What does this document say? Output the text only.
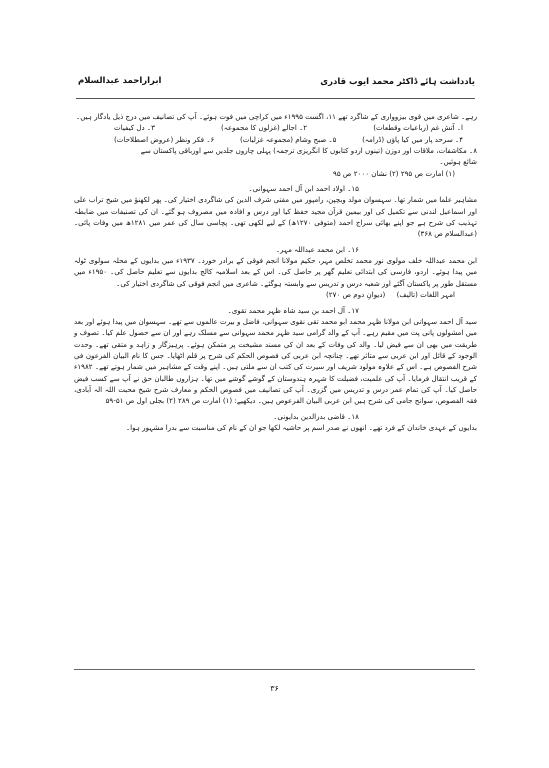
یادداشت ہائے ڈاکٹر محمد ایوب قادری
ابراراحمد عبدالسلام

رہے۔ شاعری میں قوی بیزوواری کے شاگرد تھے ۱۱، اگست ۱۹۹۵ء میں کراچی میں فوت ہوئے۔ آپ کی تصانیف میں درج ذیل یادگار ہیں۔

ا۔ آتش غم (رباعیات وقطعات)
۲۔ اجالے (غزلوں کا مجموعہ)
۳۔ دل کیفیات

۴۔ سرحد پار میں کیا پاؤں (ڈرامہ)
۵۔ صبح وشام (مجموعہ غزلیات)
۶۔ فکر ونظر (عروض اصطلاحات)

۸۔ مکاشفات، ملاقات اور دوزن (تینوں اردو کتابوں کا انگریزی ترجمہ) پہلی چاروں جلدیں سے اورباقی پاکستان سے

شائع ہوئیں۔

(۱) امارت ص ۲۹۵ (۲) نشان ۲۰۰۰ ص ۹۵

۱۵۔ اولاد احمد ابن آل احمد سہوانی۔

مشاہیر علما میں شمار تھا۔ سہسوان مولد وبچپن، رامپور میں مفتی شرف الدین کی شاگردی اختیار کی۔ پھر لکھنؤ میں شیخ تراب علی اور اسماعیل لندنی سے تکمیل کی اور بیمین قرآن مجید حفظ کیا اور درس و افادہ میں مصروف ہو گئے۔ ان کی تصنیفات میں ضابطہ تہذیب کی شرح ہے جو اپنے بھائی سراج احمد (متوفی ۱۲۷۰ھ) کے لیے لکھی تھی۔ پچاسی سال کی عمر میں ۱۲۸۱ھ میں وفات پائی۔ (عبدالسلام ص ۳۶۸)

۱۶۔ ابن محمد عبداللہ مہر۔

ابن محمد عبداللہ خلف مولوی نور محمد تخلص مہر، حکیم مولانا انجم فوقی کے برادر خورد۔ ۱۹۳۷ء میں بدایوں کے محلہ سولوی ٹولہ میں پیدا ہوئے۔ اردو، فارسی کی ابتدائی تعلیم گھر پر حاصل کی۔ اس کے بعد اسلامیہ کالج بدایوں سے تعلیم حاصل کی۔ ۱۹۵۰ء میں مستقل طور پر پاکستان آگئے اور شعبہ درس و تدریس سے وابستہ ہوگئے۔ شاعری میں انجم فوقی کی شاگردی اختیار کی۔

امہر اللغات (تالیف)     (دیوانِ دوم ص ۲۷۰)

۱۷۔ آل احمد بن سید شاہ ظہر محمد تقوی۔

سید آل احمد سہوانی ابن مولانا ظہر محمد ابو محمد تقی نقوی سہوانی، فاضل و بیرت عالموں سے تھے۔ سہسوان میں پیدا ہوئے اور بعد میں امشولوں پانی پت میں مقیم رہے۔ آپ کے والد گرامی سید ظہر محمد سہوانی سے مسلک رہے اور ان سے حصول علم کیا۔ تصوف و طریقت میں بھی ان سے فیض لیا۔ والد کی وفات کے بعد ان کی مسند مشیخت پر متمکن ہوئے۔ پرہیزگار و زاہد و متقی تھے۔ وحدت الوجود کے قائل اور ابن عربی سے متاثر تھے۔ چنانچہ ابن عربی کی فصوص الحکم کی شرح پر قلم اٹھایا۔ جس کا نام البیان الفرعون فی شرح الفصوص ہے۔ اس کے علاوہ مولود شریف اور سیرت کی کتب ان سے ملتی ہیں۔ اپنے وقت کے مشاہیر میں شمار ہوتے تھے۔ ۱۹۸۲ء کے قریب انتقال فرمایا۔ آپ کی علمیت، فضیلت کا شہرہ ہندوستان کے گوشے گوشے میں تھا۔ ہزاروں طالبان حق نے آپ سے کسب فیض حاصل کیا۔ آپ کی تمام عمر درس و تدریس میں گزری۔ آپ کی تصانیف میں فصوص الحکم و معارف شرح شیخ محبت اللہ الہ آبادی، فقہ الفصوص، سوانح جامی کی شرح ہیں ابن عربی البیان الفرعوص ہیں۔ دیکھیے: (۱) امارت ص ۲۸۹ (۲) بجلی اول ص ۵۱-۵۹

۱۸۔ قاضی بدرالدین بدایونی۔

بدایوں کے عہدی خاندان کے فرد تھے۔ انھوں نے صدر اسم پر حاشیہ لکھا جو ان کے نام کی مناسبت سے بدرا مشہور ہوا۔

۳۶
